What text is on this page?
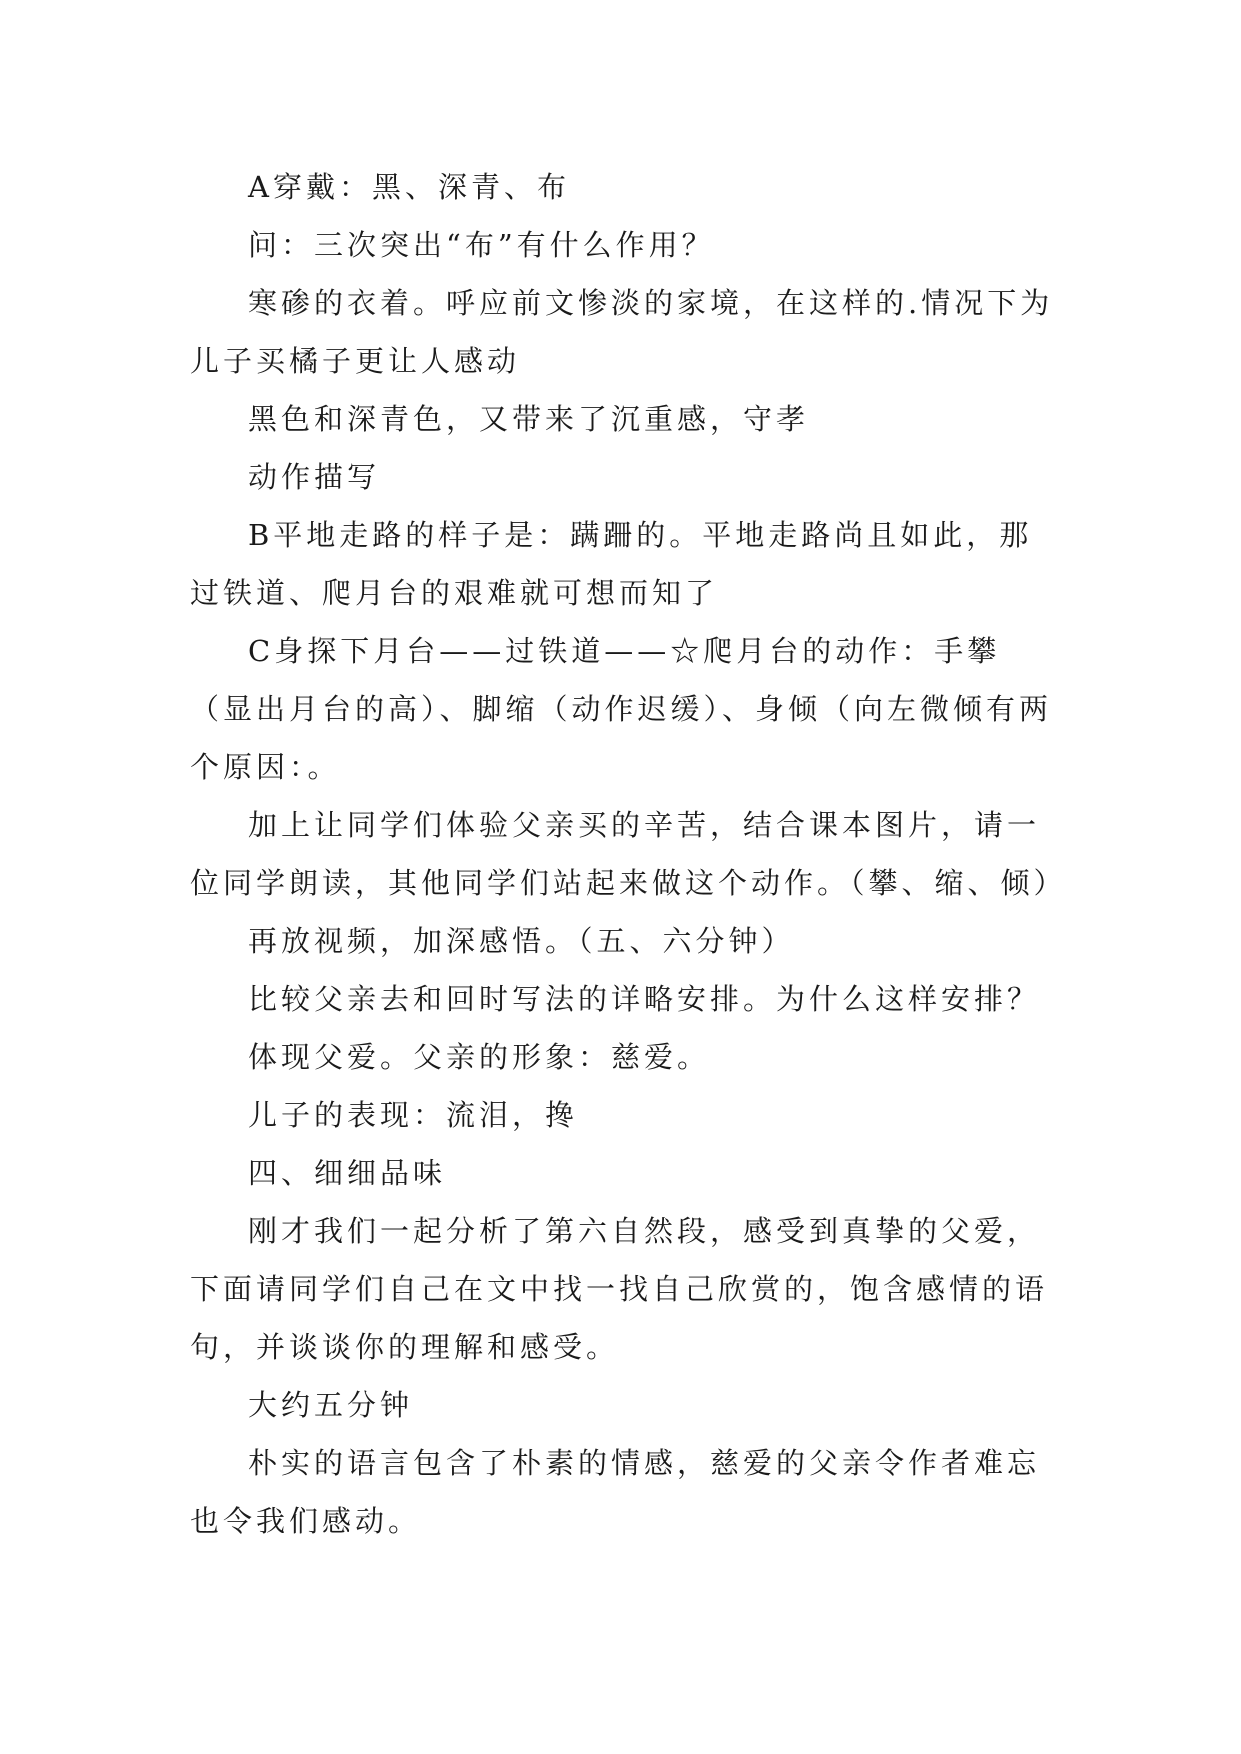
A穿戴：黑、深青、布

问：三次突出“布”有什么作用？

寒碜的衣着。呼应前文惨淡的家境，在这样的.情况下为儿子买橘子更让人感动

黑色和深青色，又带来了沉重感，守孝

动作描写

B平地走路的样子是：蹒跚的。平地走路尚且如此，那过铁道、爬月台的艰难就可想而知了

C身探下月台——过铁道——☆爬月台的动作：手攀（显出月台的高）、脚缩（动作迟缓）、身倾（向左微倾有两个原因：。

加上让同学们体验父亲买的辛苦，结合课本图片，请一位同学朗读，其他同学们站起来做这个动作。（攀、缩、倾）

再放视频，加深感悟。（五、六分钟）

比较父亲去和回时写法的详略安排。为什么这样安排？

体现父爱。父亲的形象：慈爱。

儿子的表现：流泪，搀

四、细细品味

刚才我们一起分析了第六自然段，感受到真挚的父爱，下面请同学们自己在文中找一找自己欣赏的，饱含感情的语句，并谈谈你的理解和感受。

大约五分钟

朴实的语言包含了朴素的情感，慈爱的父亲令作者难忘也令我们感动。
